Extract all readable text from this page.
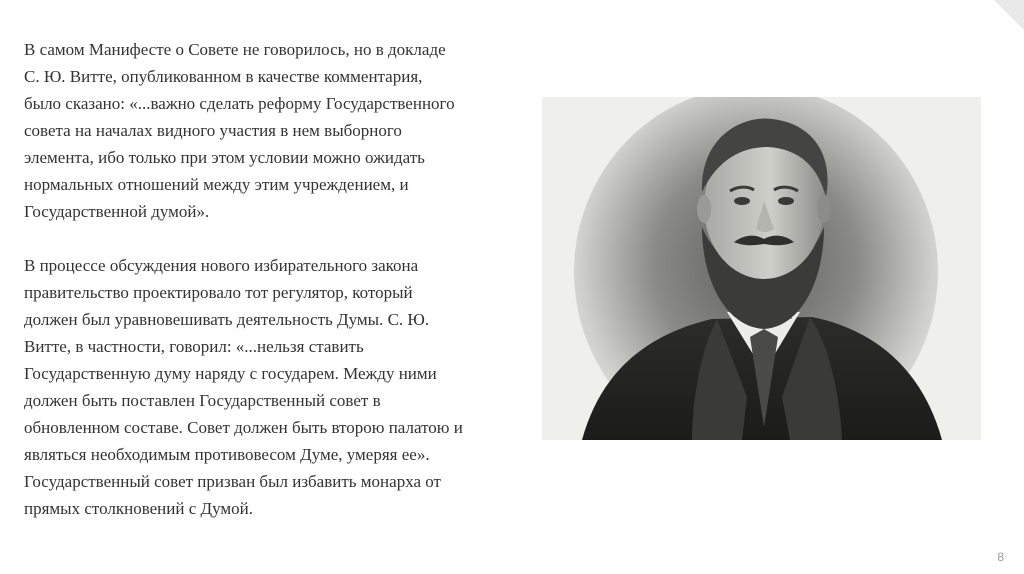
В самом Манифесте о Совете не говорилось, но в докладе
С. Ю. Витте, опубликованном в качестве комментария,
было сказано: «...важно сделать реформу Государственного
совета на началах видного участия в нем выборного
элемента, ибо только при этом условии можно ожидать
нормальных отношений между этим учреждением, и
Государственной думой».

В процессе обсуждения нового избирательного закона
правительство проектировало тот регулятор, который
должен был уравновешивать деятельность Думы. С. Ю.
Витте, в частности, говорил: «...нельзя ставить
Государственную думу наряду с государем. Между ними
должен быть поставлен Государственный совет в
обновленном составе. Совет должен быть второю палатою и
являться необходимым противовесом Думе, умеряя ее».
Государственный совет призван был избавить монарха от
прямых столкновений с Думой.

8
